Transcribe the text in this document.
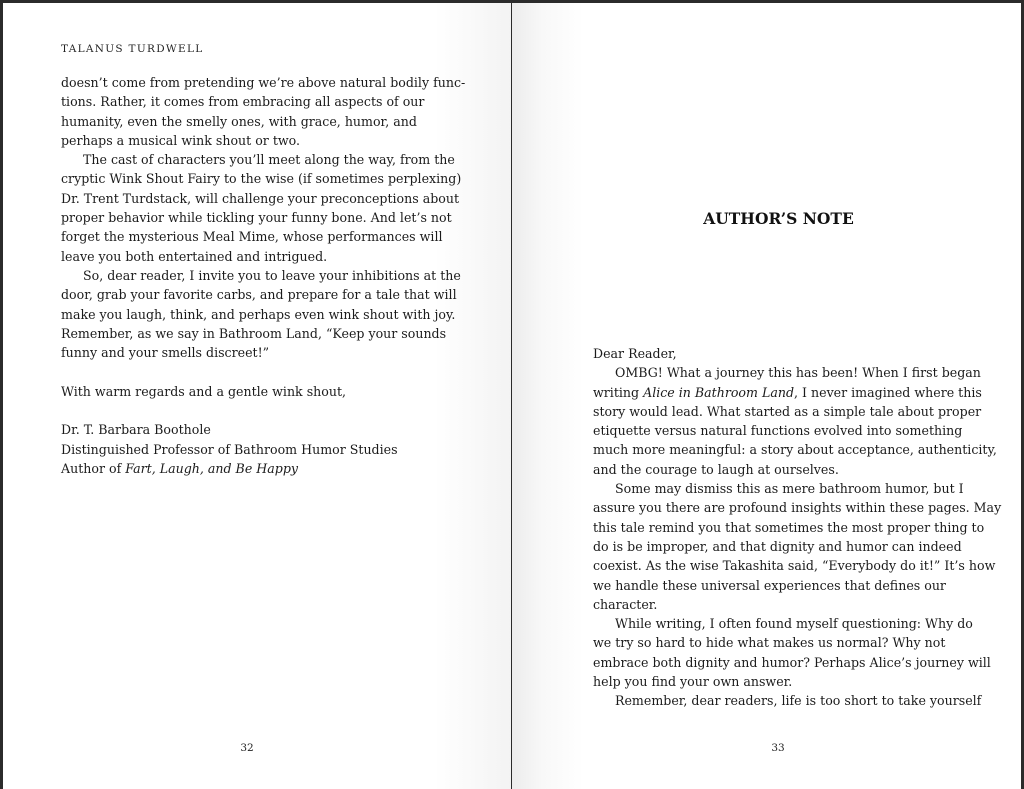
TALANUS TURDWELL
doesn’t come from pretending we’re above natural bodily func-
tions. Rather, it comes from embracing all aspects of our
humanity, even the smelly ones, with grace, humor, and
perhaps a musical wink shout or two.
The cast of characters you’ll meet along the way, from the
cryptic Wink Shout Fairy to the wise (if sometimes perplexing)
Dr. Trent Turdstack, will challenge your preconceptions about
proper behavior while tickling your funny bone. And let’s not
forget the mysterious Meal Mime, whose performances will
leave you both entertained and intrigued.
So, dear reader, I invite you to leave your inhibitions at the
door, grab your favorite carbs, and prepare for a tale that will
make you laugh, think, and perhaps even wink shout with joy.
Remember, as we say in Bathroom Land, “Keep your sounds
funny and your smells discreet!”
With warm regards and a gentle wink shout,
Dr. T. Barbara Boothole
Distinguished Professor of Bathroom Humor Studies
Author of Fart, Laugh, and Be Happy
32
AUTHOR’S NOTE
Dear Reader,
OMBG! What a journey this has been! When I first began
writing Alice in Bathroom Land, I never imagined where this
story would lead. What started as a simple tale about proper
etiquette versus natural functions evolved into something
much more meaningful: a story about acceptance, authenticity,
and the courage to laugh at ourselves.
Some may dismiss this as mere bathroom humor, but I
assure you there are profound insights within these pages. May
this tale remind you that sometimes the most proper thing to
do is be improper, and that dignity and humor can indeed
coexist. As the wise Takashita said, “Everybody do it!” It’s how
we handle these universal experiences that defines our
character.
While writing, I often found myself questioning: Why do
we try so hard to hide what makes us normal? Why not
embrace both dignity and humor? Perhaps Alice’s journey will
help you find your own answer.
Remember, dear readers, life is too short to take yourself
33
